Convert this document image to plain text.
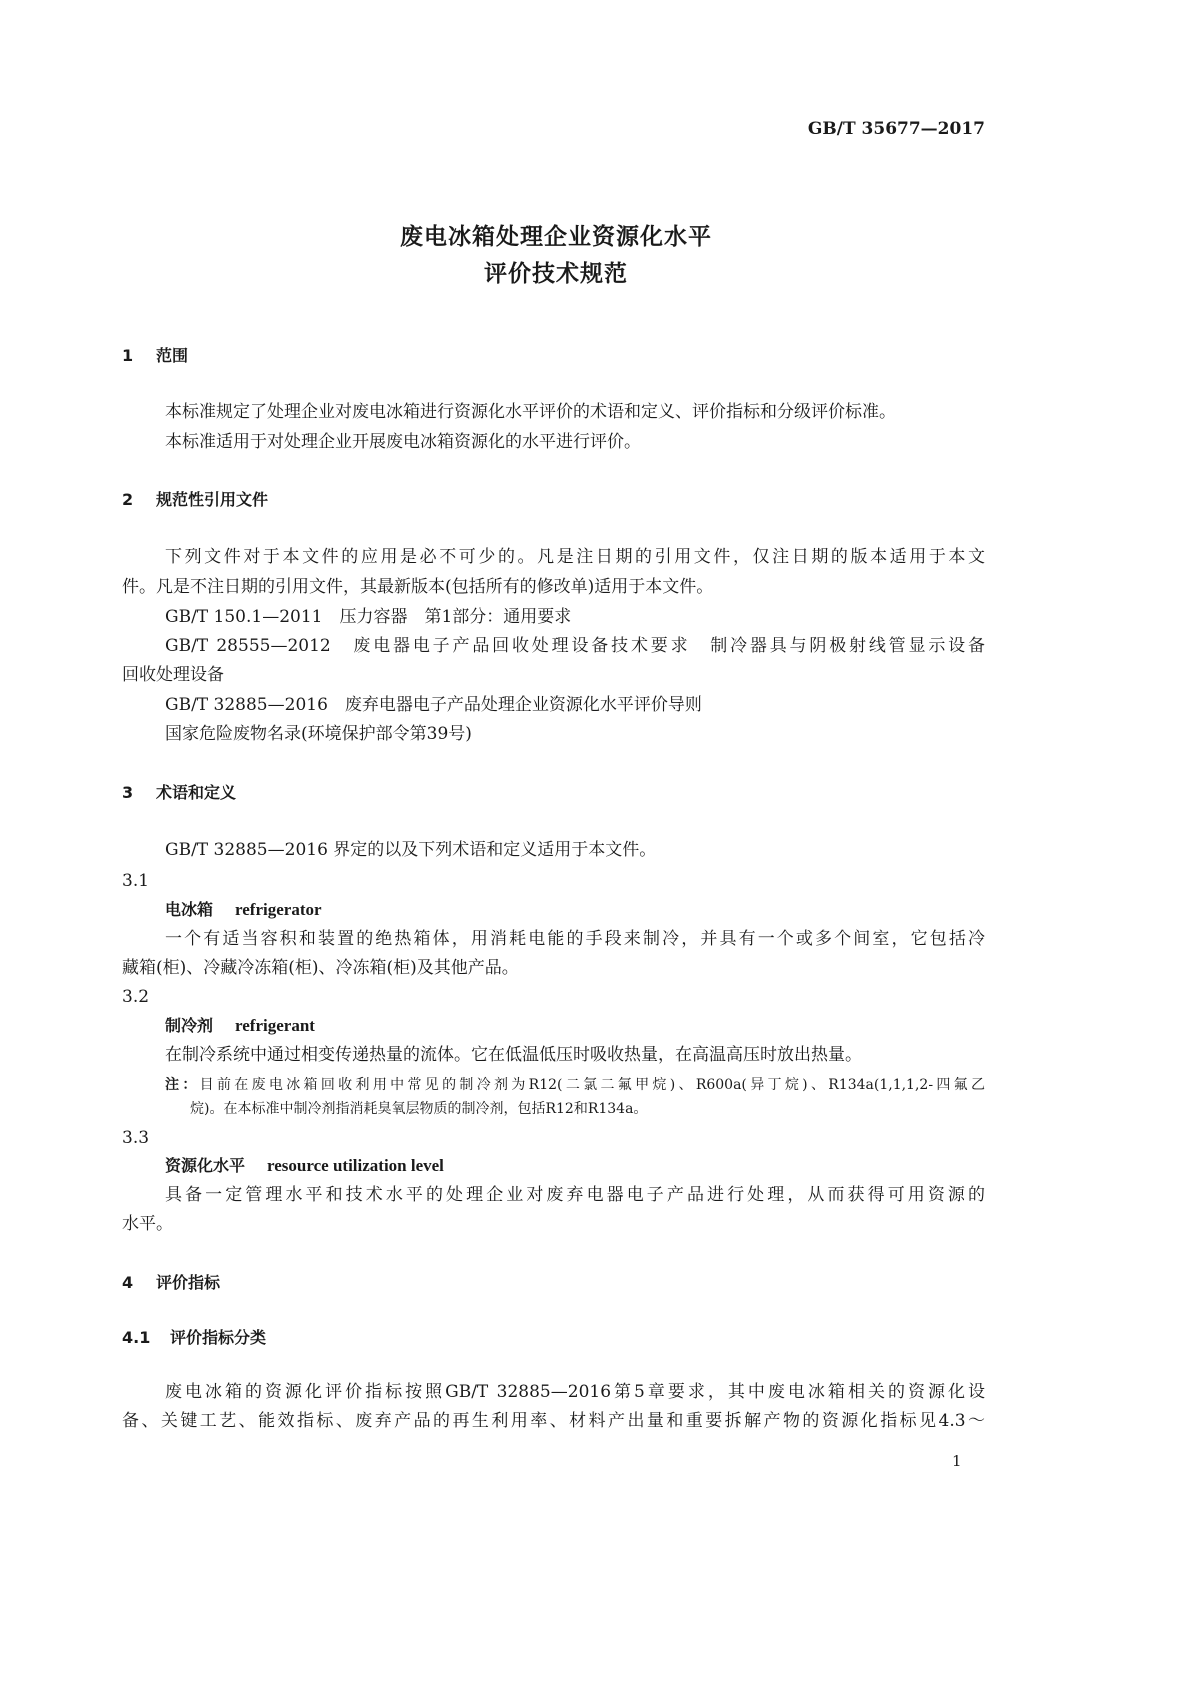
GB/T 35677—2017
废电冰箱处理企业资源化水平
评价技术规范
1 范围
本标准规定了处理企业对废电冰箱进行资源化水平评价的术语和定义、评价指标和分级评价标准。
本标准适用于对处理企业开展废电冰箱资源化的水平进行评价。
2 规范性引用文件
下列文件对于本文件的应用是必不可少的。凡是注日期的引用文件，仅注日期的版本适用于本文
件。凡是不注日期的引用文件，其最新版本(包括所有的修改单)适用于本文件。
GB/T 150.1—2011　压力容器　第1部分：通用要求
GB/T 28555—2012　废电器电子产品回收处理设备技术要求　制冷器具与阴极射线管显示设备
回收处理设备
GB/T 32885—2016　废弃电器电子产品处理企业资源化水平评价导则
国家危险废物名录(环境保护部令第39号)
3 术语和定义
GB/T 32885—2016 界定的以及下列术语和定义适用于本文件。
3.1
电冰箱 refrigerator
一个有适当容积和装置的绝热箱体，用消耗电能的手段来制冷，并具有一个或多个间室，它包括冷
藏箱(柜)、冷藏冷冻箱(柜)、冷冻箱(柜)及其他产品。
3.2
制冷剂 refrigerant
在制冷系统中通过相变传递热量的流体。它在低温低压时吸收热量，在高温高压时放出热量。
注：目前在废电冰箱回收利用中常见的制冷剂为R12(二氯二氟甲烷)、R600a(异丁烷)、R134a(1,1,1,2-四氟乙
烷)。在本标准中制冷剂指消耗臭氧层物质的制冷剂，包括R12和R134a。
3.3
资源化水平 resource utilization level
具备一定管理水平和技术水平的处理企业对废弃电器电子产品进行处理，从而获得可用资源的
水平。
4 评价指标
4.1 评价指标分类
废电冰箱的资源化评价指标按照GB/T 32885—2016第5章要求，其中废电冰箱相关的资源化设
备、关键工艺、能效指标、废弃产品的再生利用率、材料产出量和重要拆解产物的资源化指标见4.3～
1
